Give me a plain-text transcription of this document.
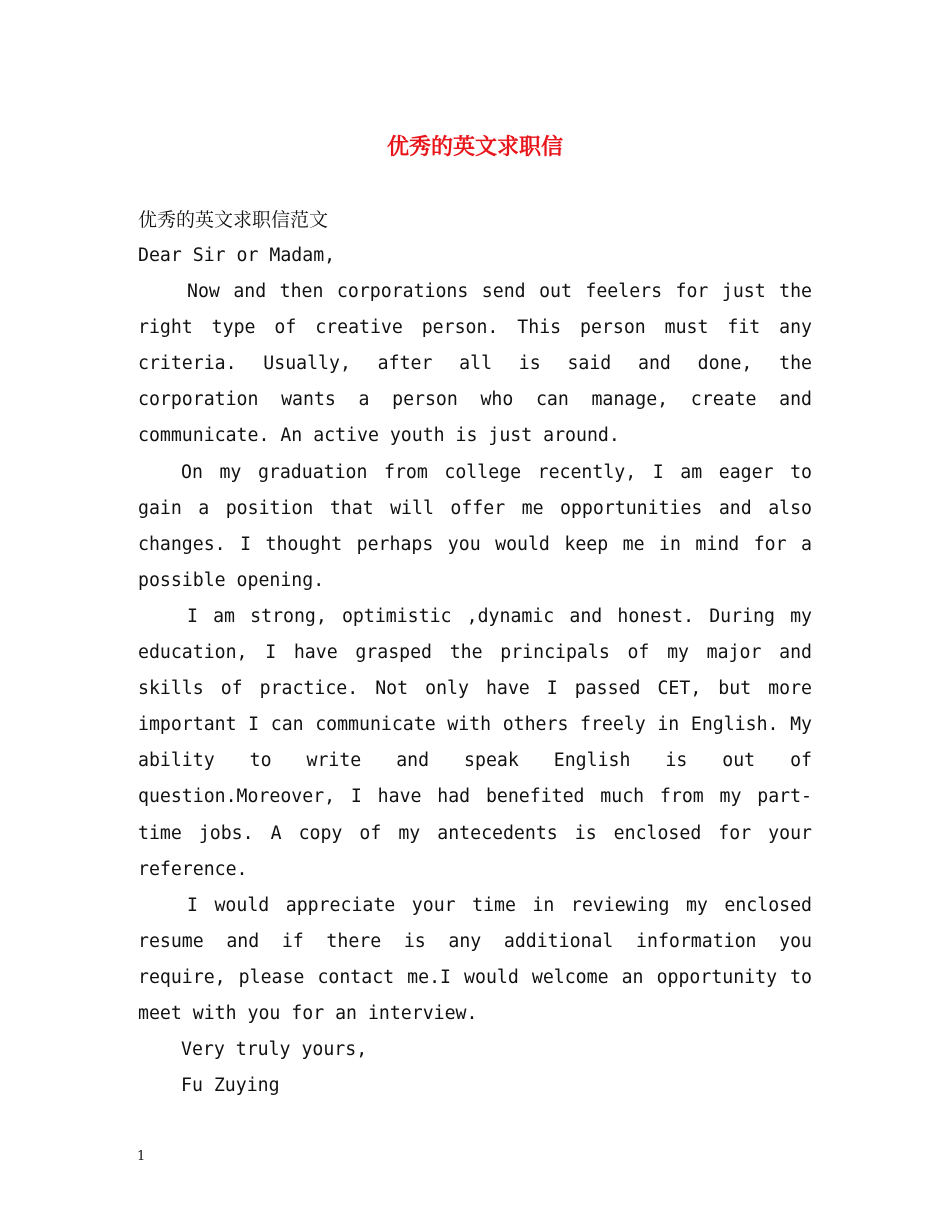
优秀的英文求职信

优秀的英文求职信范文

Dear Sir or Madam,

Now and then corporations send out feelers for just the right type of creative person. This person must fit any criteria. Usually, after all is said and done, the corporation wants a person who can manage, create and communicate. An active youth is just around.

On my graduation from college recently, I am eager to gain a position that will offer me opportunities and also changes. I thought perhaps you would keep me in mind for a possible opening.

I am strong, optimistic ,dynamic and honest. During my education, I have grasped the principals of my major and skills of practice. Not only have I passed CET, but more important I can communicate with others freely in English. My ability to write and speak English is out of question.Moreover, I have had benefited much from my part-time jobs. A copy of my antecedents is enclosed for your reference.

I would appreciate your time in reviewing my enclosed resume and if there is any additional information you require, please contact me.I would welcome an opportunity to meet with you for an interview.

Very truly yours,

Fu Zuying

1
